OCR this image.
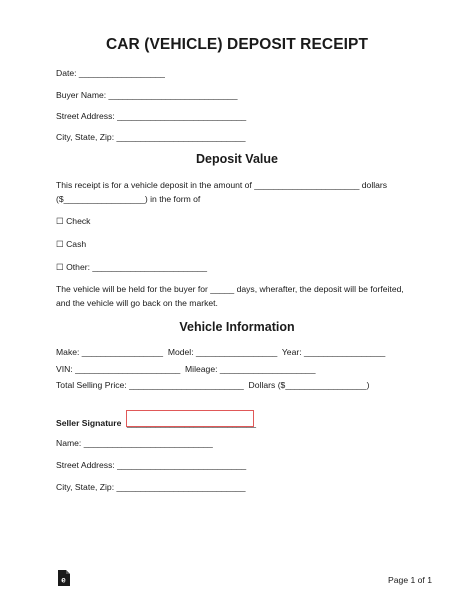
CAR (VEHICLE) DEPOSIT RECEIPT
Date: __________________
Buyer Name: ___________________________
Street Address: ___________________________
City, State, Zip: ___________________________
Deposit Value
This receipt is for a vehicle deposit in the amount of ______________________ dollars
($_________________) in the form of
☐ Check
☐ Cash
☐ Other: ________________________
The vehicle will be held for the buyer for _____ days, wherafter, the deposit will be forfeited,
and the vehicle will go back on the market.
Vehicle Information
Make: _________________  Model: _________________  Year: _________________
VIN: ______________________  Mileage: ____________________
Total Selling Price: ________________________  Dollars ($_________________)
Seller Signature ___________________________
Name: ___________________________
Street Address: ___________________________
City, State, Zip: ___________________________
e	Page 1 of 1
